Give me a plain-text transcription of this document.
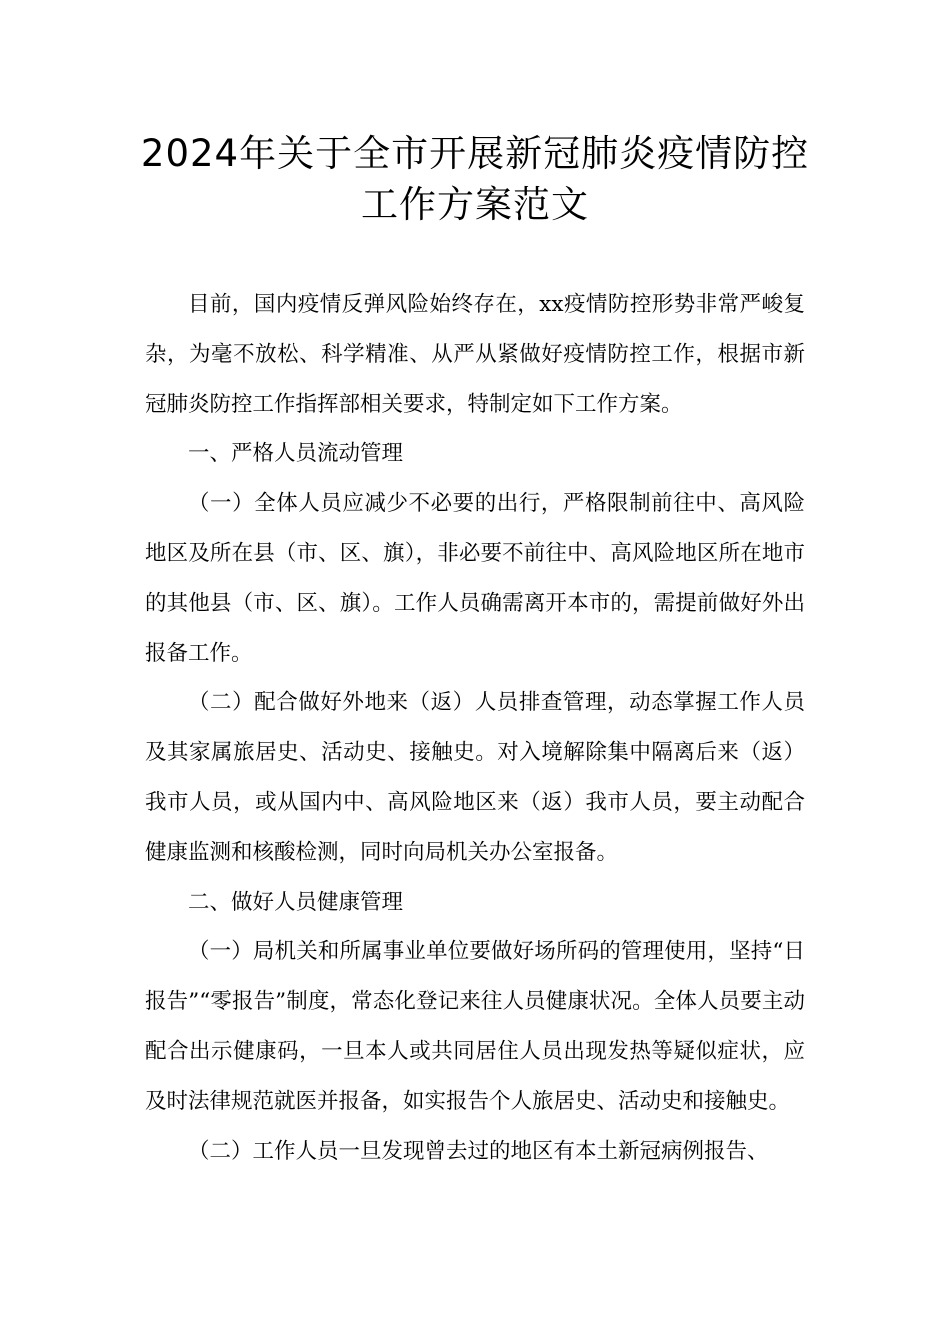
2024年关于全市开展新冠肺炎疫情防控
工作方案范文

目前，国内疫情反弹风险始终存在，xx疫情防控形势非常严峻复杂，为毫不放松、科学精准、从严从紧做好疫情防控工作，根据市新冠肺炎防控工作指挥部相关要求，特制定如下工作方案。

一、严格人员流动管理

（一）全体人员应减少不必要的出行，严格限制前往中、高风险地区及所在县（市、区、旗），非必要不前往中、高风险地区所在地市的其他县（市、区、旗）。工作人员确需离开本市的，需提前做好外出报备工作。

（二）配合做好外地来（返）人员排查管理，动态掌握工作人员及其家属旅居史、活动史、接触史。对入境解除集中隔离后来（返）我市人员，或从国内中、高风险地区来（返）我市人员，要主动配合健康监测和核酸检测，同时向局机关办公室报备。

二、做好人员健康管理

（一）局机关和所属事业单位要做好场所码的管理使用，坚持“日报告”“零报告”制度，常态化登记来往人员健康状况。全体人员要主动配合出示健康码，一旦本人或共同居住人员出现发热等疑似症状，应及时法律规范就医并报备，如实报告个人旅居史、活动史和接触史。

（二）工作人员一旦发现曾去过的地区有本土新冠病例报告、
